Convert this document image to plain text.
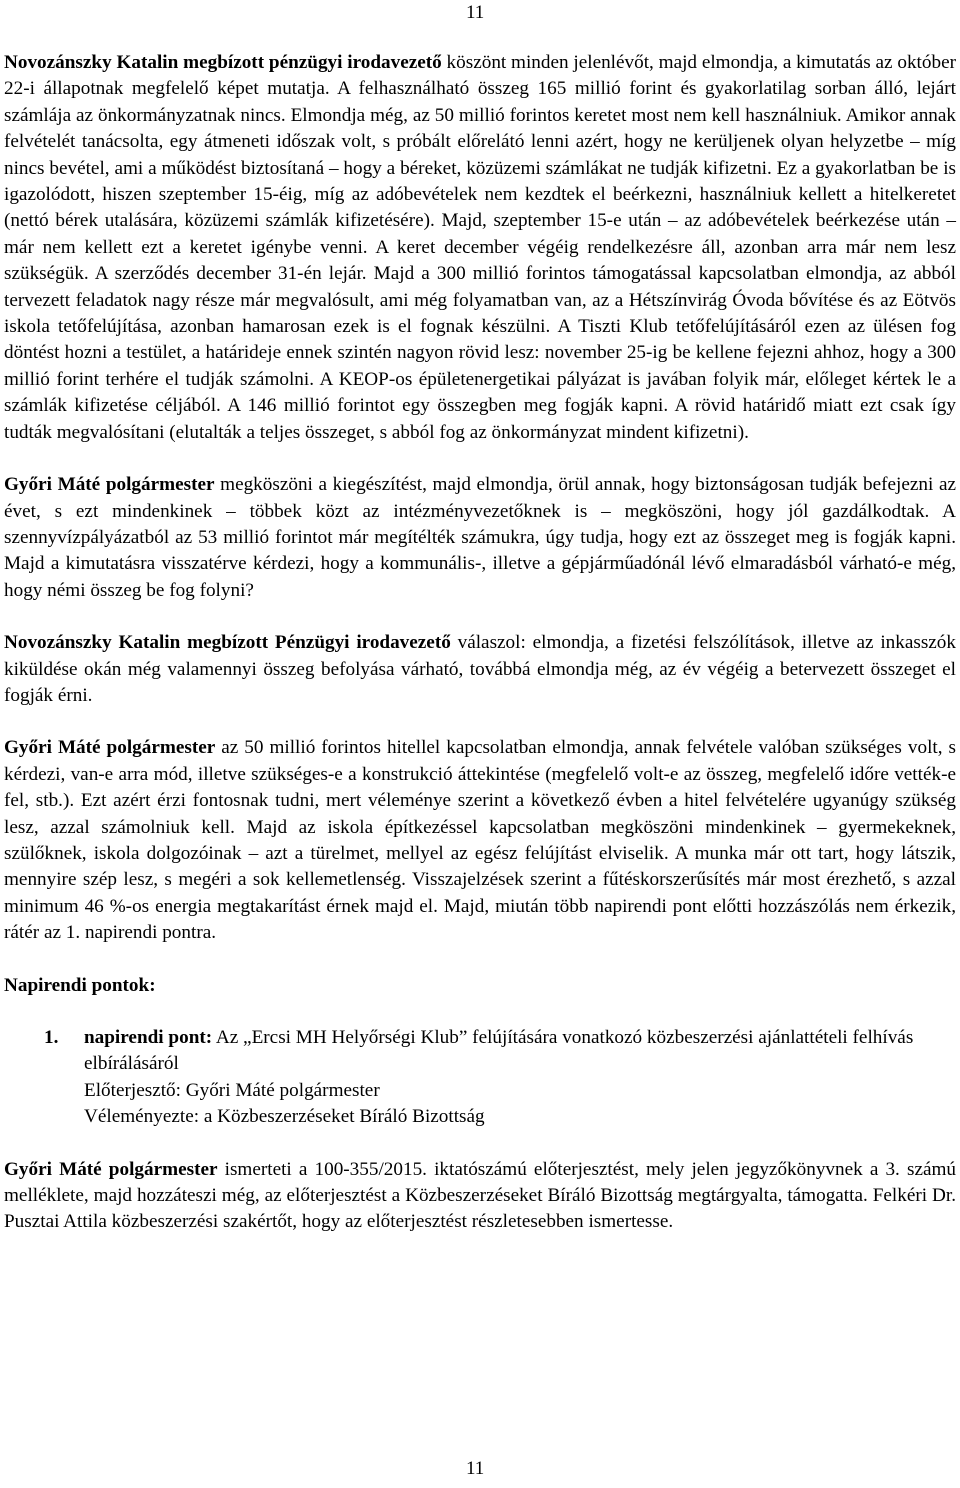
11

Novozánszky Katalin megbízott pénzügyi irodavezető köszönt minden jelenlévőt, majd elmondja, a kimutatás az október 22-i állapotnak megfelelő képet mutatja. A felhasználható összeg 165 millió forint és gyakorlatilag sorban álló, lejárt számlája az önkormányzatnak nincs. Elmondja még, az 50 millió forintos keretet most nem kell használniuk. Amikor annak felvételét tanácsolta, egy átmeneti időszak volt, s próbált előrelátó lenni azért, hogy ne kerüljenek olyan helyzetbe – míg nincs bevétel, ami a működést biztosítaná – hogy a béreket, közüzemi számlákat ne tudják kifizetni. Ez a gyakorlatban be is igazolódott, hiszen szeptember 15-éig, míg az adóbevételek nem kezdtek el beérkezni, használniuk kellett a hitelkeretet (nettó bérek utalására, közüzemi számlák kifizetésére). Majd, szeptember 15-e után – az adóbevételek beérkezése után – már nem kellett ezt a keretet igénybe venni. A keret december végéig rendelkezésre áll, azonban arra már nem lesz szükségük. A szerződés december 31-én lejár. Majd a 300 millió forintos támogatással kapcsolatban elmondja, az abból tervezett feladatok nagy része már megvalósult, ami még folyamatban van, az a Hétszínvirág Óvoda bővítése és az Eötvös iskola tetőfelújítása, azonban hamarosan ezek is el fognak készülni. A Tiszti Klub tetőfelújításáról ezen az ülésen fog döntést hozni a testület, a határideje ennek szintén nagyon rövid lesz: november 25-ig be kellene fejezni ahhoz, hogy a 300 millió forint terhére el tudják számolni. A KEOP-os épületenergetikai pályázat is javában folyik már, előleget kértek le a számlák kifizetése céljából. A 146 millió forintot egy összegben meg fogják kapni. A rövid határidő miatt ezt csak így tudták megvalósítani (elutalták a teljes összeget, s abból fog az önkormányzat mindent kifizetni).

Győri Máté polgármester megköszöni a kiegészítést, majd elmondja, örül annak, hogy biztonságosan tudják befejezni az évet, s ezt mindenkinek – többek közt az intézményvezetőknek is – megköszöni, hogy jól gazdálkodtak. A szennyvízpályázatból az 53 millió forintot már megítélték számukra, úgy tudja, hogy ezt az összeget meg is fogják kapni. Majd a kimutatásra visszatérve kérdezi, hogy a kommunális-, illetve a gépjárműadónál lévő elmaradásból várható-e még, hogy némi összeg be fog folyni?

Novozánszky Katalin megbízott Pénzügyi irodavezető válaszol: elmondja, a fizetési felszólítások, illetve az inkasszók kiküldése okán még valamennyi összeg befolyása várható, továbbá elmondja még, az év végéig a betervezett összeget el fogják érni.

Győri Máté polgármester az 50 millió forintos hitellel kapcsolatban elmondja, annak felvétele valóban szükséges volt, s kérdezi, van-e arra mód, illetve szükséges-e a konstrukció áttekintése (megfelelő volt-e az összeg, megfelelő időre vették-e fel, stb.). Ezt azért érzi fontosnak tudni, mert véleménye szerint a következő évben a hitel felvételére ugyanúgy szükség lesz, azzal számolniuk kell. Majd az iskola építkezéssel kapcsolatban megköszöni mindenkinek – gyermekeknek, szülőknek, iskola dolgozóinak – azt a türelmet, mellyel az egész felújítást elviselik. A munka már ott tart, hogy látszik, mennyire szép lesz, s megéri a sok kellemetlenség. Visszajelzések szerint a fűtéskorszerűsítés már most érezhető, s azzal minimum 46 %-os energia megtakarítást érnek majd el. Majd, miután több napirendi pont előtti hozzászólás nem érkezik, rátér az 1. napirendi pontra.

Napirendi pontok:

1. napirendi pont: Az „Ercsi MH Helyőrségi Klub” felújítására vonatkozó közbeszerzési ajánlattételi felhívás elbírálásáról
Előterjesztő: Győri Máté polgármester
Véleményezte: a Közbeszerzéseket Bíráló Bizottság

Győri Máté polgármester ismerteti a 100-355/2015. iktatószámú előterjesztést, mely jelen jegyzőkönyvnek a 3. számú melléklete, majd hozzáteszi még, az előterjesztést a Közbeszerzéseket Bíráló Bizottság megtárgyalta, támogatta. Felkéri Dr. Pusztai Attila közbeszerzési szakértőt, hogy az előterjesztést részletesebben ismertesse.

11
